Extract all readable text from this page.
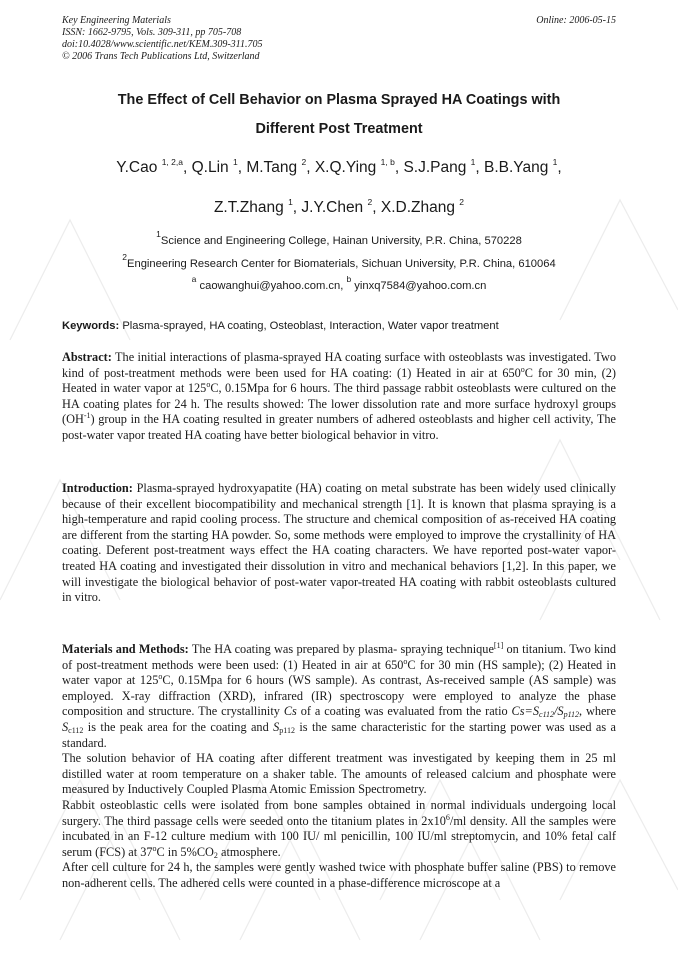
Key Engineering Materials
ISSN: 1662-9795, Vols. 309-311, pp 705-708
doi:10.4028/www.scientific.net/KEM.309-311.705
© 2006 Trans Tech Publications Ltd, Switzerland
Online: 2006-05-15
The Effect of Cell Behavior on Plasma Sprayed HA Coatings with
Different Post Treatment
Y.Cao $^{1, 2,a}$, Q.Lin $^1$, M.Tang $^2$, X.Q.Ying $^{1, b}$, S.J.Pang $^1$, B.B.Yang $^1$,
Z.T.Zhang $^1$, J.Y.Chen $^2$, X.D.Zhang $^2$
$^1$Science and Engineering College, Hainan University, P.R. China, 570228
$^2$Engineering Research Center for Biomaterials, Sichuan University, P.R. China, 610064
$^a$ caowanghui@yahoo.com.cn, $^b$ yinxq7584@yahoo.com.cn
Keywords: Plasma-sprayed, HA coating, Osteoblast, Interaction, Water vapor treatment
Abstract: The initial interactions of plasma-sprayed HA coating surface with osteoblasts was investigated. Two kind of post-treatment methods were been used for HA coating: (1) Heated in air at 650$^o$C for 30 min, (2) Heated in water vapor at 125$^o$C, 0.15Mpa for 6 hours. The third passage rabbit osteoblasts were cultured on the HA coating plates for 24 h. The results showed: The lower dissolution rate and more surface hydroxyl groups $(OH^{-1})$ group in the HA coating resulted in greater numbers of adhered osteoblasts and higher cell activity, The post-water vapor treated HA coating have better biological behavior in vitro.
Introduction: Plasma-sprayed hydroxyapatite (HA) coating on metal substrate has been widely used clinically because of their excellent biocompatibility and mechanical strength [1]. It is known that plasma spraying is a high-temperature and rapid cooling process. The structure and chemical composition of as-received HA coating are different from the starting HA powder. So, some methods were employed to improve the crystallinity of HA coating. Deferent post-treatment ways effect the HA coating characters. We have reported post-water vapor-treated HA coating and investigated their dissolution in vitro and mechanical behaviors [1,2]. In this paper, we will investigate the biological behavior of post-water vapor-treated HA coating with rabbit osteoblasts cultured in vitro.
Materials and Methods: The HA coating was prepared by plasma- spraying technique[1] on titanium. Two kind of post-treatment methods were been used: (1) Heated in air at 650$^o$C for 30 min (HS sample); (2) Heated in water vapor at 125$^o$C, 0.15Mpa for 6 hours (WS sample). As contrast, As-received sample (AS sample) was employed. X-ray diffraction (XRD), infrared (IR) spectroscopy were employed to analyze the phase composition and structure. The crystallinity Cs of a coating was evaluated from the ratio $Cs=S_{c112}/S_{p112}$, where $S_{c112}$ is the peak area for the coating and $S_{p112}$ is the same characteristic for the starting power was used as a standard.
The solution behavior of HA coating after different treatment was investigated by keeping them in 25 ml distilled water at room temperature on a shaker table. The amounts of released calcium and phosphate were measured by Inductively Coupled Plasma Atomic Emission Spectrometry.
Rabbit osteoblastic cells were isolated from bone samples obtained in normal individuals undergoing local surgery. The third passage cells were seeded onto the titanium plates in $2x10^6/ml$ density. All the samples were incubated in an F-12 culture medium with 100 IU/ ml penicillin, 100 IU/ml streptomycin, and 10% fetal calf serum (FCS) at 37$^o$C in $5\%CO_2$ atmosphere.
After cell culture for 24 h, the samples were gently washed twice with phosphate buffer saline (PBS) to remove non-adherent cells. The adhered cells were counted in a phase-difference microscope at a
